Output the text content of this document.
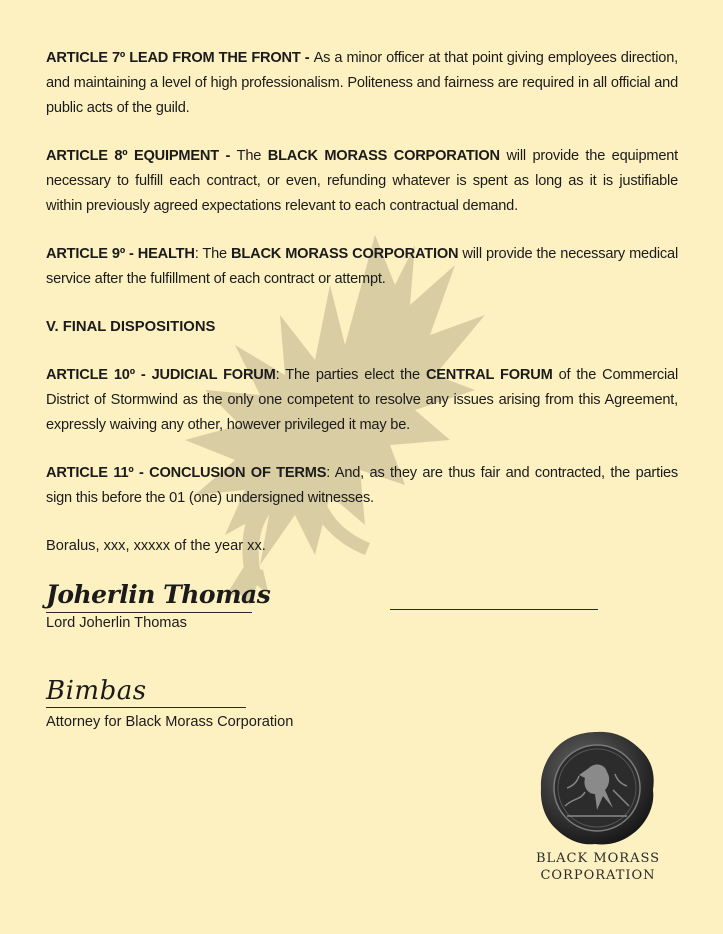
ARTICLE 7º LEAD FROM THE FRONT - As a minor officer at that point giving employees direction, and maintaining a level of high professionalism. Politeness and fairness are required in all official and public acts of the guild.

ARTICLE 8º EQUIPMENT - The BLACK MORASS CORPORATION will provide the equipment necessary to fulfill each contract, or even, refunding whatever is spent as long as it is justifiable within previously agreed expectations relevant to each contractual demand.

ARTICLE 9º - HEALTH: The BLACK MORASS CORPORATION will provide the necessary medical service after the fulfillment of each contract or attempt.

V. FINAL DISPOSITIONS

ARTICLE 10º - JUDICIAL FORUM: The parties elect the CENTRAL FORUM of the Commercial District of Stormwind as the only one competent to resolve any issues arising from this Agreement, expressly waiving any other, however privileged it may be.

ARTICLE 11º - CONCLUSION OF TERMS: And, as they are thus fair and contracted, the parties sign this before the 01 (one) undersigned witnesses.

Boralus, xxx, xxxxx of the year xx.

Joherlin Thomas
Lord Joherlin Thomas
Bimbas
Attorney for Black Morass Corporation
BLACK MORASS
CORPORATION
